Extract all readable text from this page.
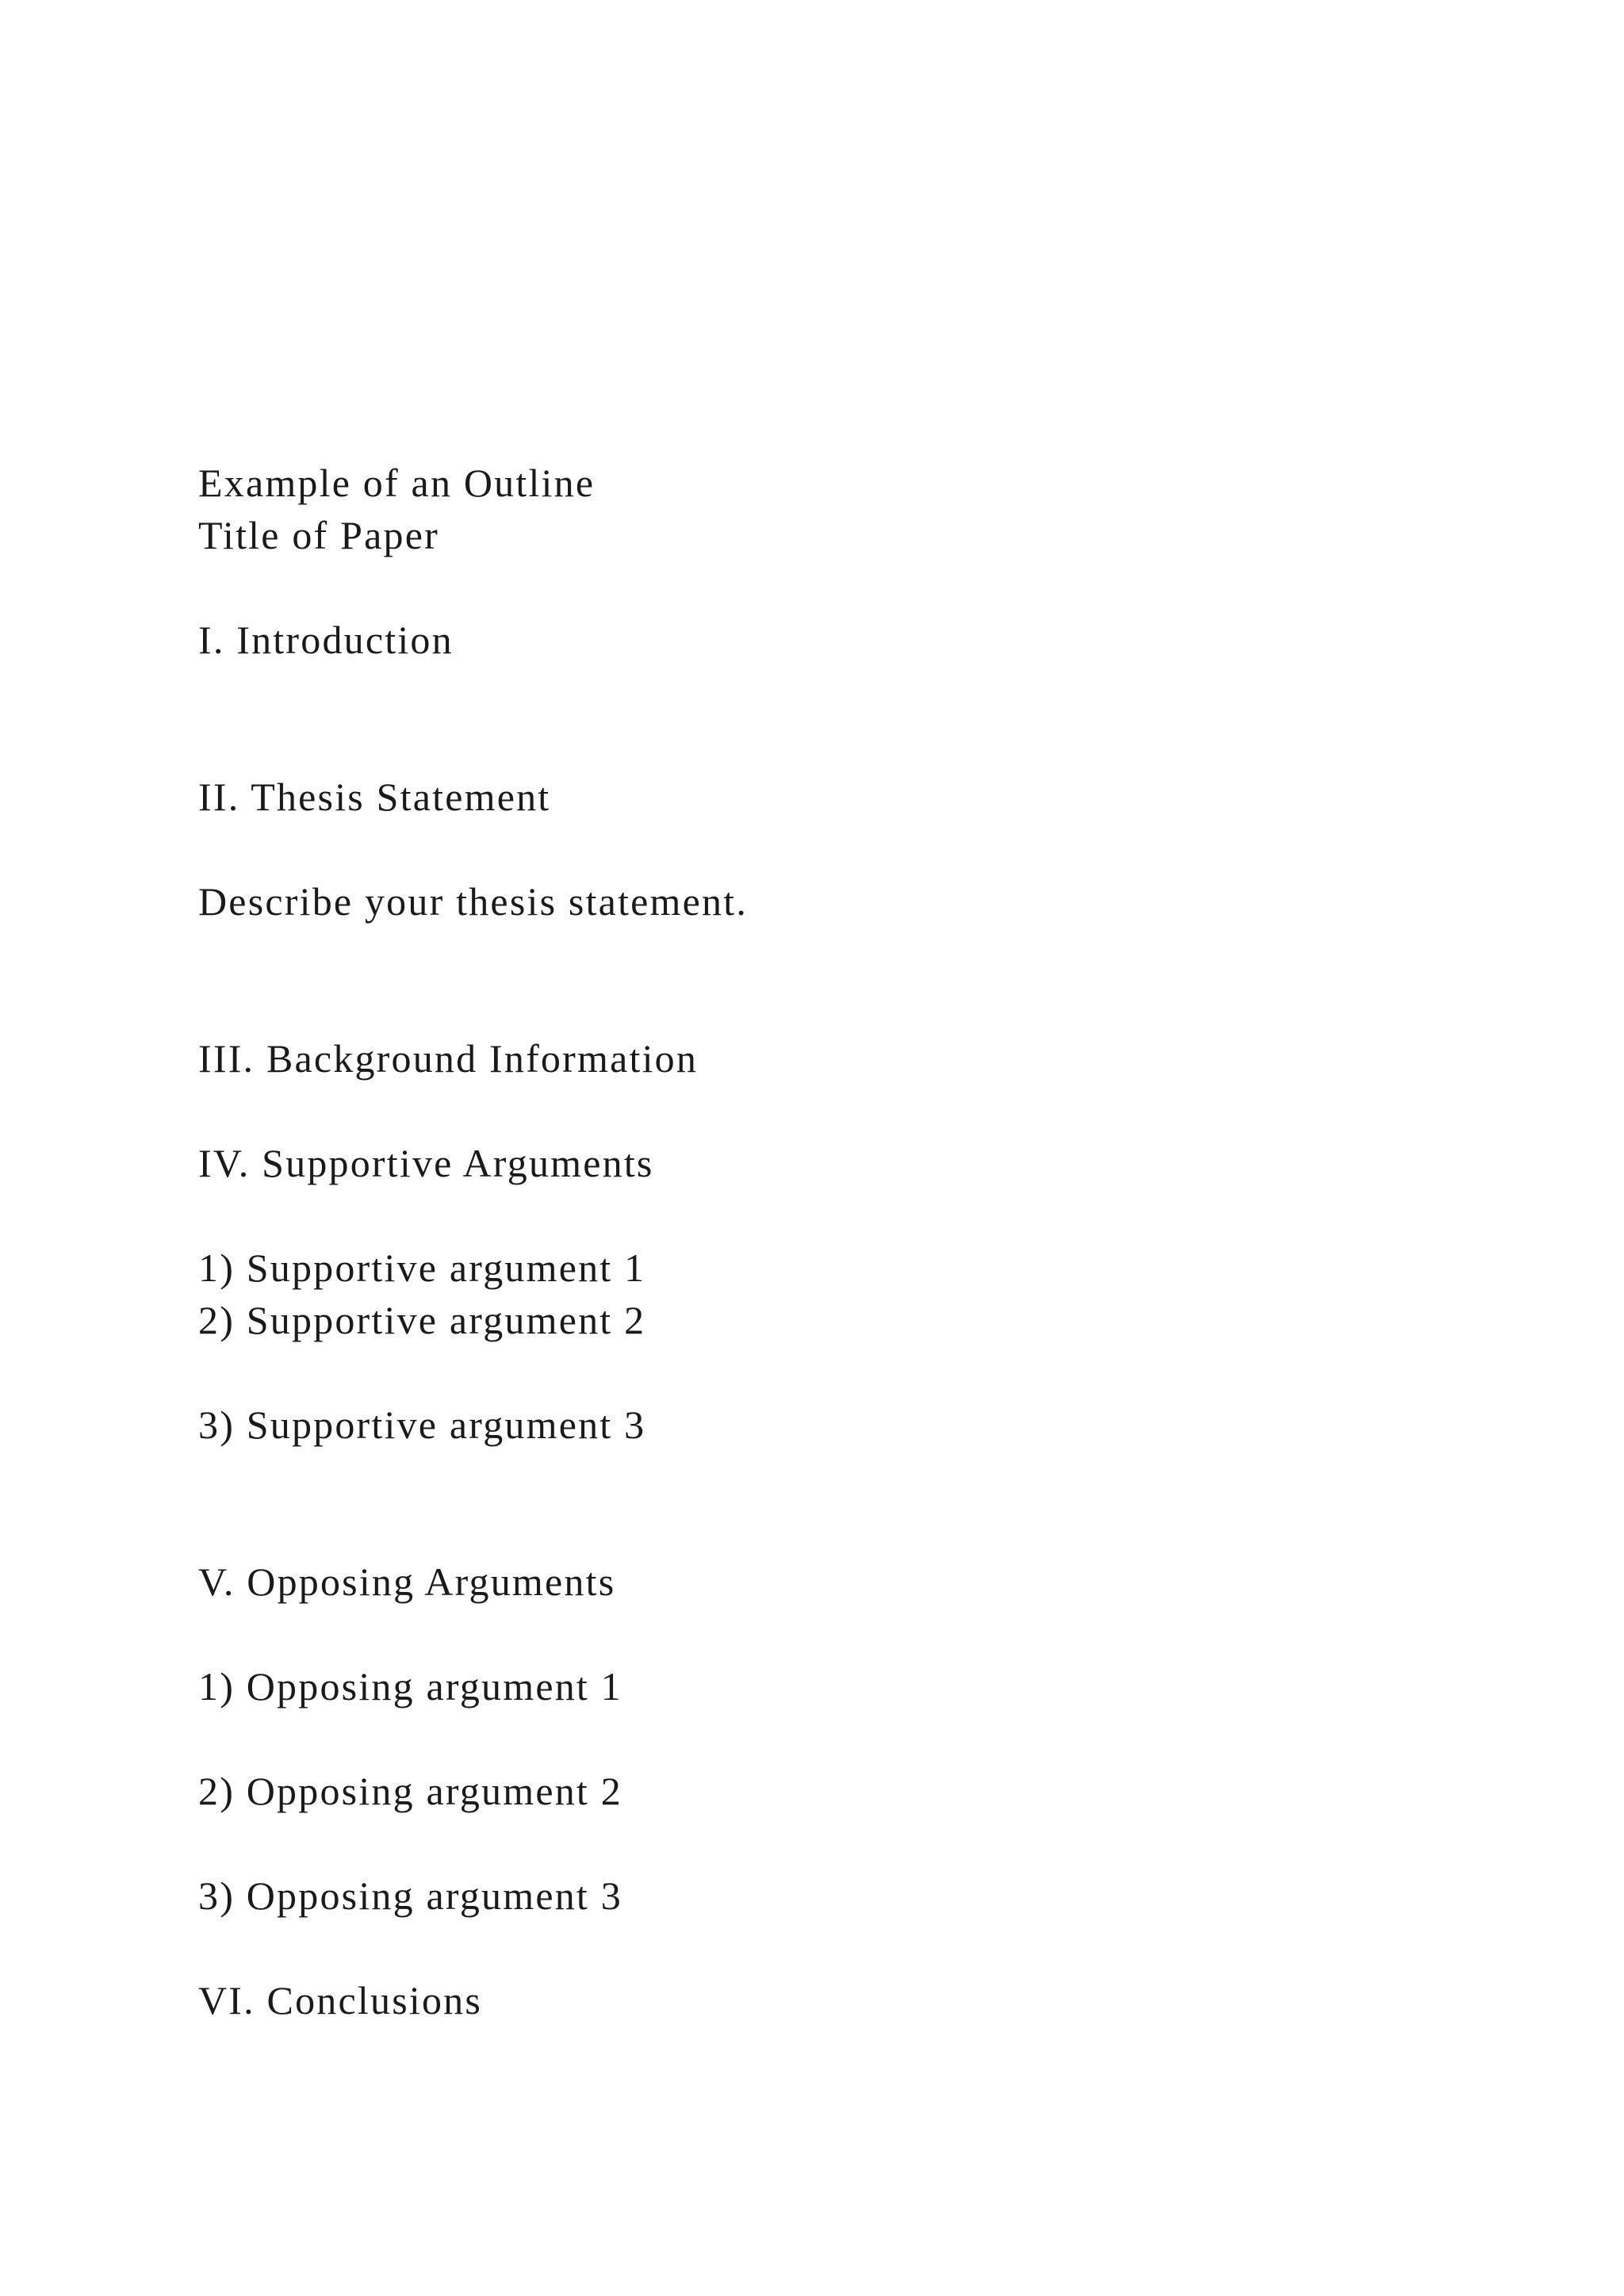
Example of an Outline

Title of Paper

I. Introduction

II. Thesis Statement

Describe your thesis statement.

III. Background Information

IV. Supportive Arguments

1) Supportive argument 1

2) Supportive argument 2

3) Supportive argument 3

V. Opposing Arguments

1) Opposing argument 1

2) Opposing argument 2

3) Opposing argument 3

VI. Conclusions
